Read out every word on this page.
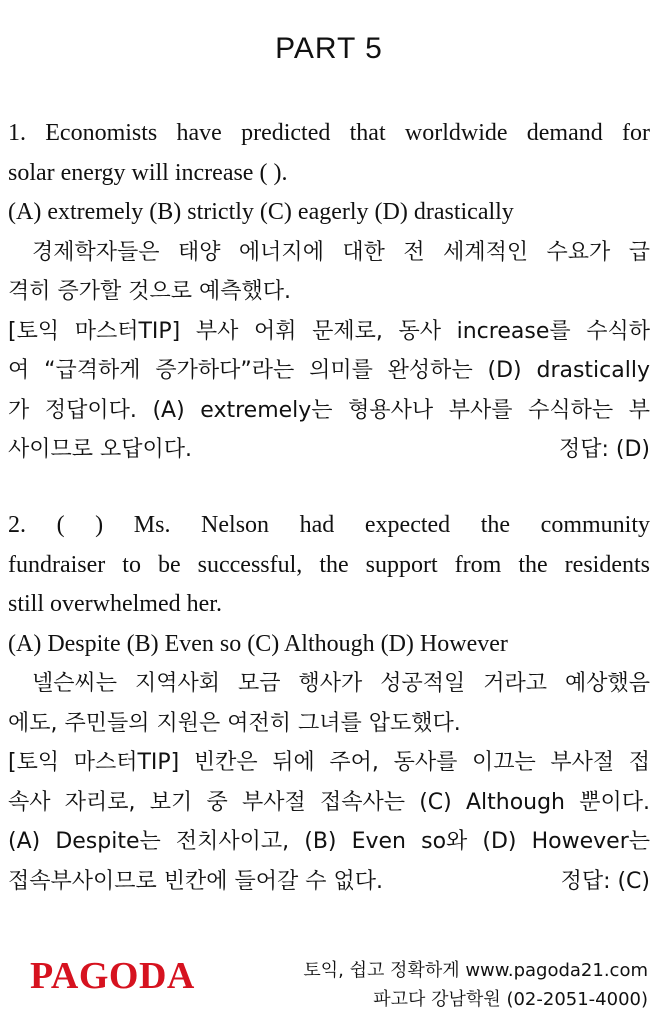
PART 5
1. Economists have predicted that worldwide demand for
solar energy will increase ( ).
(A) extremely (B) strictly (C) eagerly (D) drastically
경제학자들은 태양 에너지에 대한 전 세계적인 수요가 급
격히 증가할 것으로 예측했다.
[토익 마스터TIP] 부사 어휘 문제로, 동사 increase를 수식하
여 “급격하게 증가하다”라는 의미를 완성하는 (D) drastically
가 정답이다. (A) extremely는 형용사나 부사를 수식하는 부
사이므로 오답이다.	정답: (D)
2. ( ) Ms. Nelson had expected the community
fundraiser to be successful, the support from the residents
still overwhelmed her.
(A) Despite (B) Even so (C) Although (D) However
넬슨씨는 지역사회 모금 행사가 성공적일 거라고 예상했음
에도, 주민들의 지원은 여전히 그녀를 압도했다.
[토익 마스터TIP] 빈칸은 뒤에 주어, 동사를 이끄는 부사절 접
속사 자리로, 보기 중 부사절 접속사는 (C) Although 뿐이다.
(A) Despite는 전치사이고, (B) Even so와 (D) However는
접속부사이므로 빈칸에 들어갈 수 없다.	정답: (C)
PAGODA	토익, 쉽고 정확하게 www.pagoda21.com
파고다 강남학원 (02-2051-4000)
